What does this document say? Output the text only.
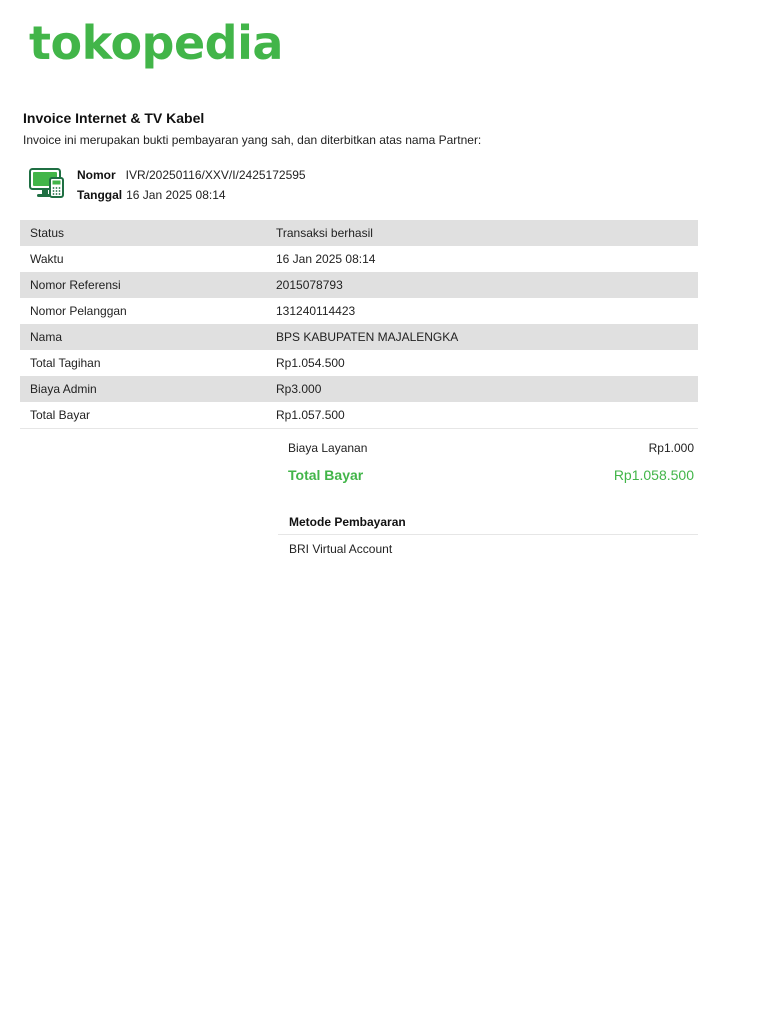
tokopedia
Invoice Internet & TV Kabel
Invoice ini merupakan bukti pembayaran yang sah, dan diterbitkan atas nama Partner:
Nomor IVR/20250116/XXV/I/2425172595
Tanggal 16 Jan 2025 08:14
Status	Transaksi berhasil
Waktu	16 Jan 2025 08:14
Nomor Referensi	2015078793
Nomor Pelanggan	131240114423
Nama	BPS KABUPATEN MAJALENGKA
Total Tagihan	Rp1.054.500
Biaya Admin	Rp3.000
Total Bayar	Rp1.057.500
Biaya Layanan	Rp1.000
Total Bayar	Rp1.058.500
Metode Pembayaran
BRI Virtual Account
